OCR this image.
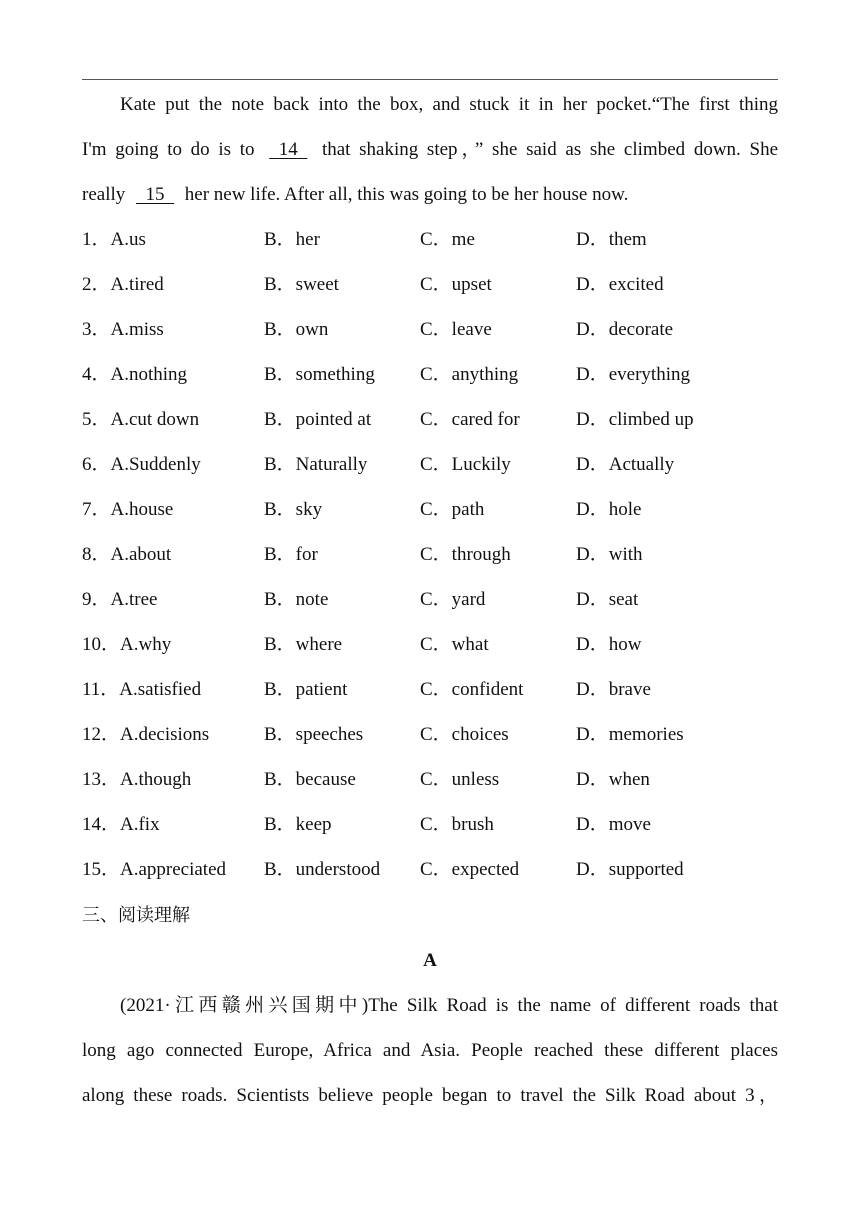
Kate put the note back into the box, and stuck it in her pocket.“The first thing
I'm going to do is to 14 that shaking step，” she said as she climbed down. She
really 15 her new life. After all, this was going to be her house now.
1．A.us	B．her	C．me	D．them
2．A.tired	B．sweet	C．upset	D．excited
3．A.miss	B．own	C．leave	D．decorate
4．A.nothing	B．something C．anything	D．everything
5．A.cut down	B．pointed at	C．cared for	D．climbed up
6．A.Suddenly	B．Naturally	C．Luckily	D．Actually
7．A.house	B．sky	C．path	D．hole
8．A.about	B．for	C．through	D．with
9．A.tree	B．note	C．yard	D．seat
10．A.why	B．where	C．what	D．how
11．A.satisfied	B．patient	C．confident	D．brave
12．A.decisions	B．speeches	C．choices	D．memories
13．A.though	B．because	C．unless	D．when
14．A.fix	B．keep	C．brush	D．move
15．A.appreciated B．understood C．expected	D．supported
三、阅读理解
A
(2021·江西赣州兴国期中)The Silk Road is the name of different roads that
long ago connected Europe, Africa and Asia. People reached these different places
along these roads. Scientists believe people began to travel the Silk Road about 3，
